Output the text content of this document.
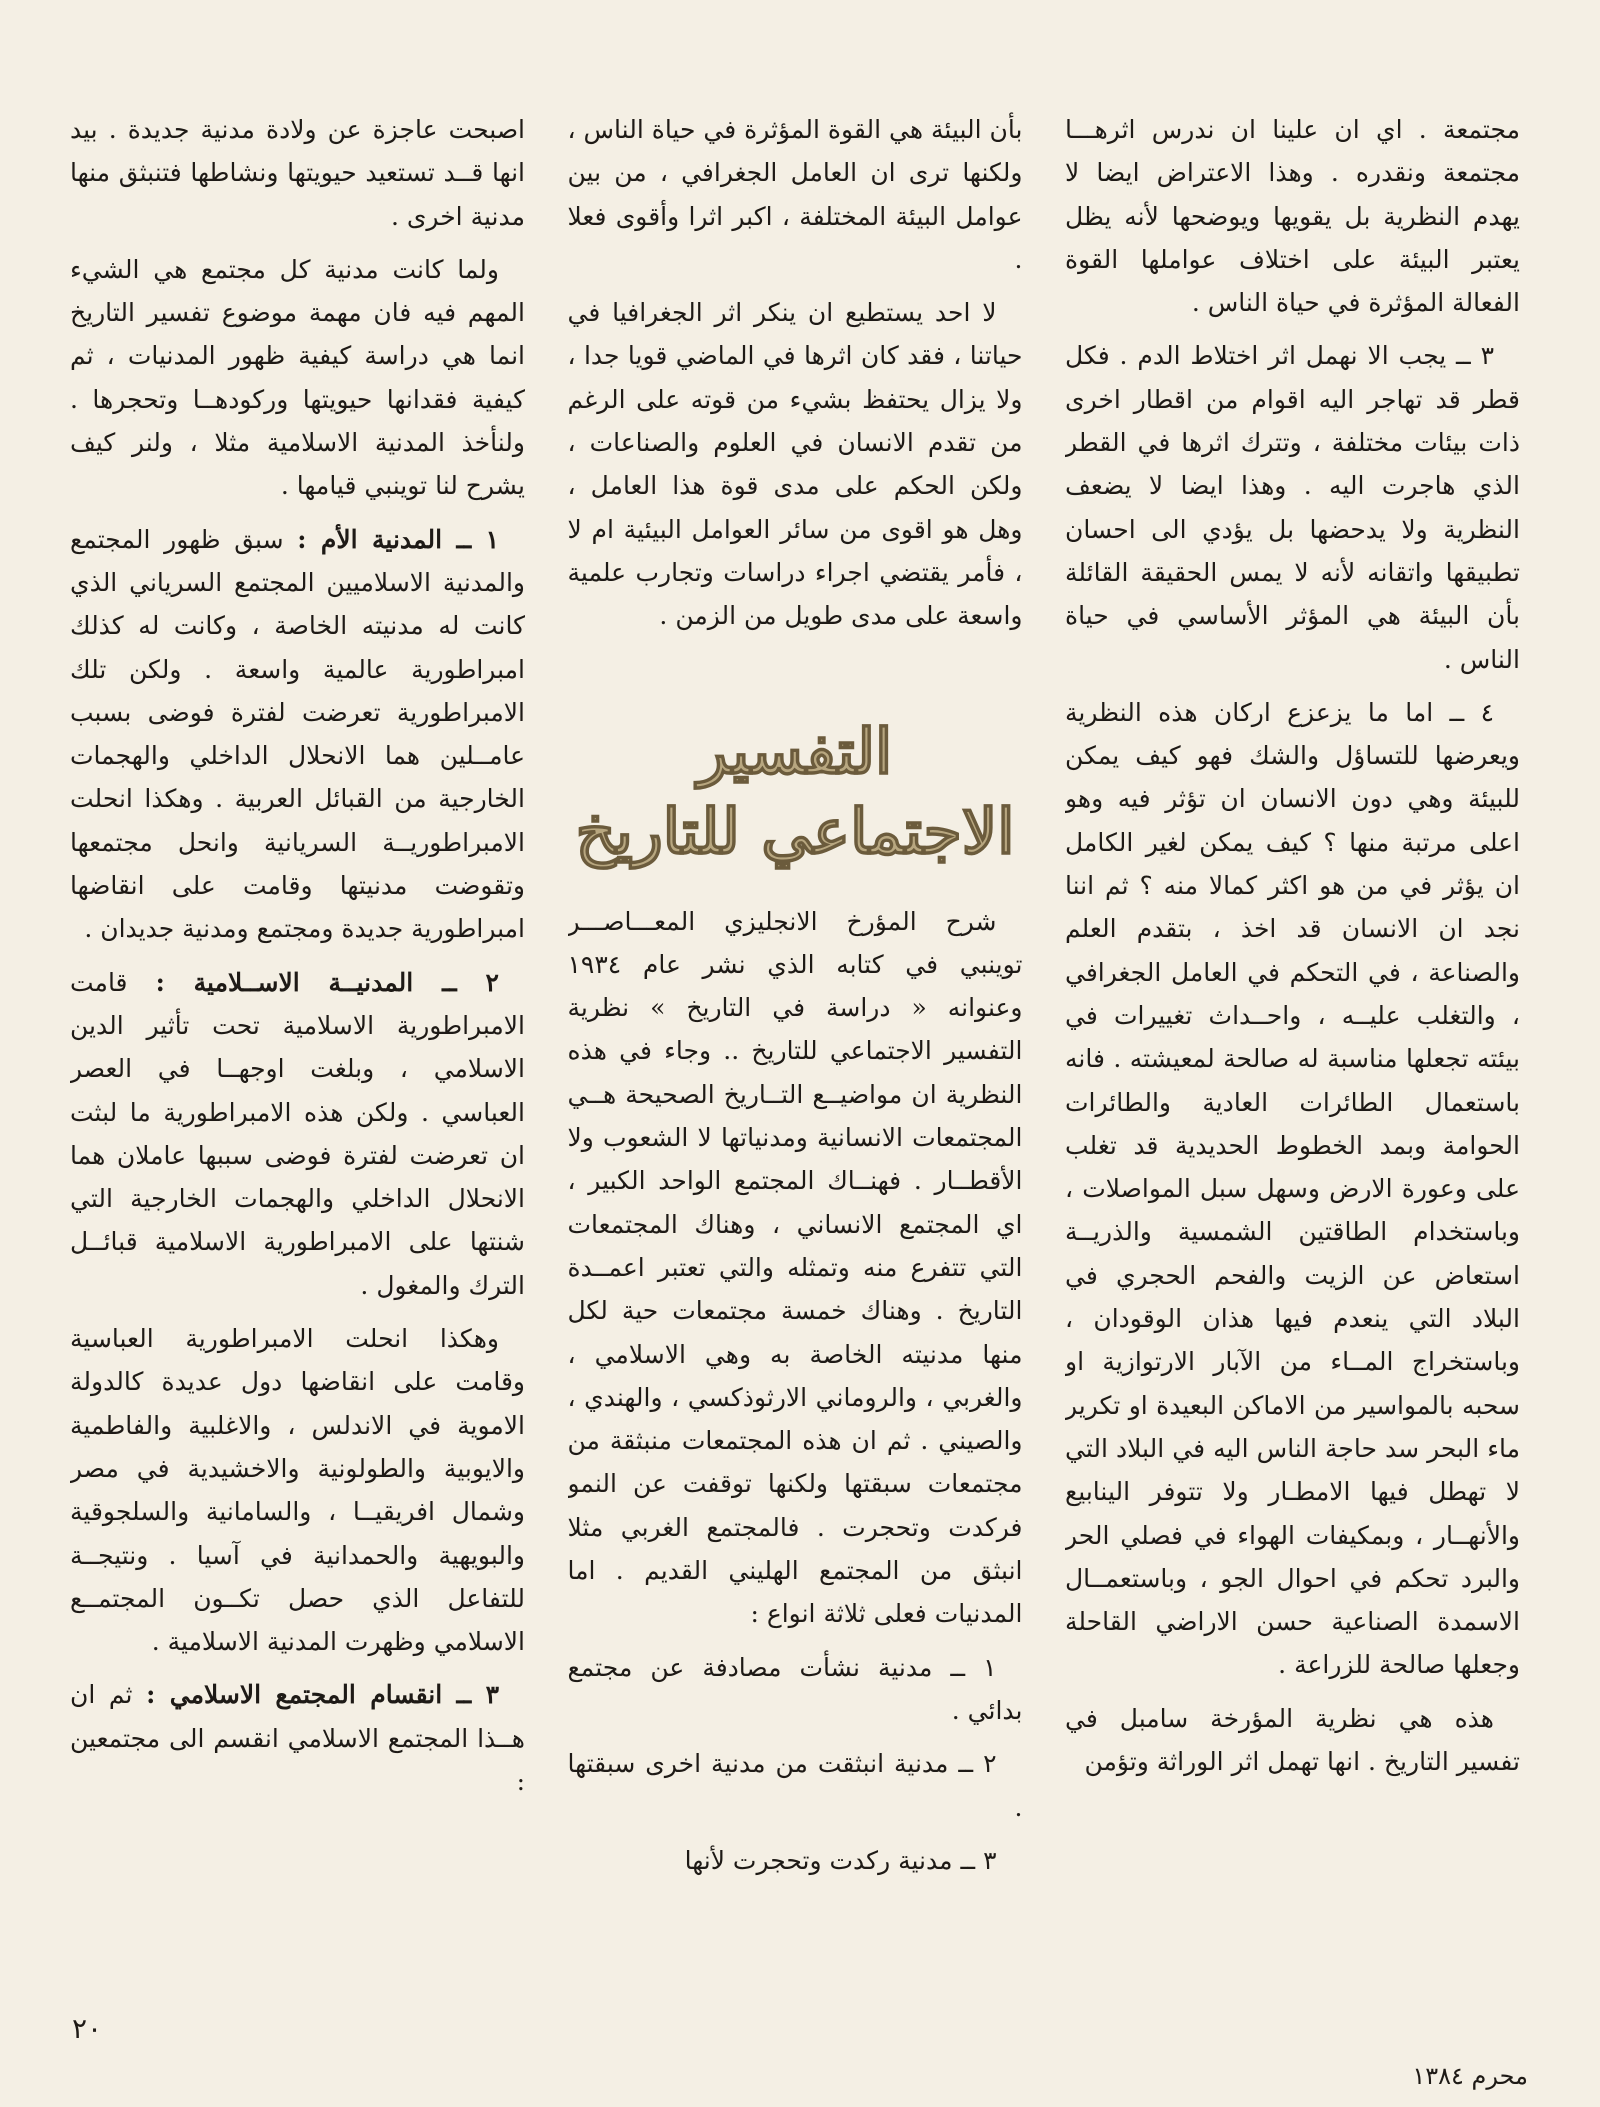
مجتمعة . اي ان علينا ان ندرس اثرهـــا مجتمعة ونقدره . وهذا الاعتراض ايضا لا يهدم النظرية بل يقويها ويوضحها لأنه يظل يعتبر البيئة على اختلاف عواملها القوة الفعالة المؤثرة في حياة الناس .

٣ ــ يجب الا نهمل اثر اختلاط الدم . فكل قطر قد تهاجر اليه اقوام من اقطار اخرى ذات بيئات مختلفة ، وتترك اثرها في القطر الذي هاجرت اليه . وهذا ايضا لا يضعف النظرية ولا يدحضها بل يؤدي الى احسان تطبيقها واتقانه لأنه لا يمس الحقيقة القائلة بأن البيئة هي المؤثر الأساسي في حياة الناس .

٤ ــ اما ما يزعزع اركان هذه النظرية ويعرضها للتساؤل والشك فهو كيف يمكن للبيئة وهي دون الانسان ان تؤثر فيه وهو اعلى مرتبة منها ؟ كيف يمكن لغير الكامل ان يؤثر في من هو اكثر كمالا منه ؟ ثم اننا نجد ان الانسان قد اخذ ، بتقدم العلم والصناعة ، في التحكم في العامل الجغرافي ، والتغلب عليــه ، واحــداث تغييرات في بيئته تجعلها مناسبة له صالحة لمعيشته . فانه باستعمال الطائرات العادية والطائرات الحوامة وبمد الخطوط الحديدية قد تغلب على وعورة الارض وسهل سبل المواصلات ، وباستخدام الطاقتين الشمسية والذريــة استعاض عن الزيت والفحم الحجري في البلاد التي ينعدم فيها هذان الوقودان ، وباستخراج المــاء من الآبار الارتوازية او سحبه بالمواسير من الاماكن البعيدة او تكرير ماء البحر سد حاجة الناس اليه في البلاد التي لا تهطل فيها الامطـار ولا تتوفر الينابيع والأنهــار ، وبمكيفات الهواء في فصلي الحر والبرد تحكم في احوال الجو ، وباستعمــال الاسمدة الصناعية حسن الاراضي القاحلة وجعلها صالحة للزراعة .

هذه هي نظرية المؤرخة سامبل في تفسير التاريخ . انها تهمل اثر الوراثة وتؤمن

بأن البيئة هي القوة المؤثرة في حياة الناس ، ولكنها ترى ان العامل الجغرافي ، من بين عوامل البيئة المختلفة ، اكبر اثرا وأقوى فعلا .

لا احد يستطيع ان ينكر اثر الجغرافيا في حياتنا ، فقد كان اثرها في الماضي قويا جدا ، ولا يزال يحتفظ بشيء من قوته على الرغم من تقدم الانسان في العلوم والصناعات ، ولكن الحكم على مدى قوة هذا العامل ، وهل هو اقوى من سائر العوامل البيئية ام لا ، فأمر يقتضي اجراء دراسات وتجارب علمية واسعة على مدى طويل من الزمن .

التفسير الاجتماعي للتاريخ

شرح المؤرخ الانجليزي المعـــاصـــر توينبي في كتابه الذي نشر عام ١٩٣٤ وعنوانه « دراسة في التاريخ » نظرية التفسير الاجتماعي للتاريخ .. وجاء في هذه النظرية ان مواضيــع التــاريخ الصحيحة هــي المجتمعات الانسانية ومدنياتها لا الشعوب ولا الأقطــار . فهنــاك المجتمع الواحد الكبير ، اي المجتمع الانساني ، وهناك المجتمعات التي تتفرع منه وتمثله والتي تعتبر اعمــدة التاريخ . وهناك خمسة مجتمعات حية لكل منها مدنيته الخاصة به وهي الاسلامي ، والغربي ، والروماني الارثوذكسي ، والهندي ، والصيني . ثم ان هذه المجتمعات منبثقة من مجتمعات سبقتها ولكنها توقفت عن النمو فركدت وتحجرت . فالمجتمع الغربي مثلا انبثق من المجتمع الهليني القديم . اما المدنيات فعلى ثلاثة انواع :

١ ــ مدنية نشأت مصادفة عن مجتمع بدائي .

٢ ــ مدنية انبثقت من مدنية اخرى سبقتها .

٣ ــ مدنية ركدت وتحجرت لأنها

اصبحت عاجزة عن ولادة مدنية جديدة . بيد انها قــد تستعيد حيويتها ونشاطها فتنبثق منها مدنية اخرى .

ولما كانت مدنية كل مجتمع هي الشيء المهم فيه فان مهمة موضوع تفسير التاريخ انما هي دراسة كيفية ظهور المدنيات ، ثم كيفية فقدانها حيويتها وركودهــا وتحجرها . ولنأخذ المدنية الاسلامية مثلا ، ولنر كيف يشرح لنا توينبي قيامها .

١ ــ المدنية الأم : سبق ظهور المجتمع والمدنية الاسلاميين المجتمع السرياني الذي كانت له مدنيته الخاصة ، وكانت له كذلك امبراطورية عالمية واسعة . ولكن تلك الامبراطورية تعرضت لفترة فوضى بسبب عامــلين هما الانحلال الداخلي والهجمات الخارجية من القبائل العربية . وهكذا انحلت الامبراطوريــة السريانية وانحل مجتمعها وتقوضت مدنيتها وقامت على انقاضها امبراطورية جديدة ومجتمع ومدنية جديدان .

٢ ــ المدنيــة الاســلامية : قامت الامبراطورية الاسلامية تحت تأثير الدين الاسلامي ، وبلغت اوجهــا في العصر العباسي . ولكن هذه الامبراطورية ما لبثت ان تعرضت لفترة فوضى سببها عاملان هما الانحلال الداخلي والهجمات الخارجية التي شنتها على الامبراطورية الاسلامية قبائــل الترك والمغول .

وهكذا انحلت الامبراطورية العباسية وقامت على انقاضها دول عديدة كالدولة الاموية في الاندلس ، والاغلبية والفاطمية والايوبية والطولونية والاخشيدية في مصر وشمال افريقيــا ، والسامانية والسلجوقية والبويهية والحمدانية في آسيا . ونتيجــة للتفاعل الذي حصل تكــون المجتمــع الاسلامي وظهرت المدنية الاسلامية .

٣ ــ انقسام المجتمع الاسلامي : ثم ان هــذا المجتمع الاسلامي انقسم الى مجتمعين :

٢٠
محرم ١٣٨٤
